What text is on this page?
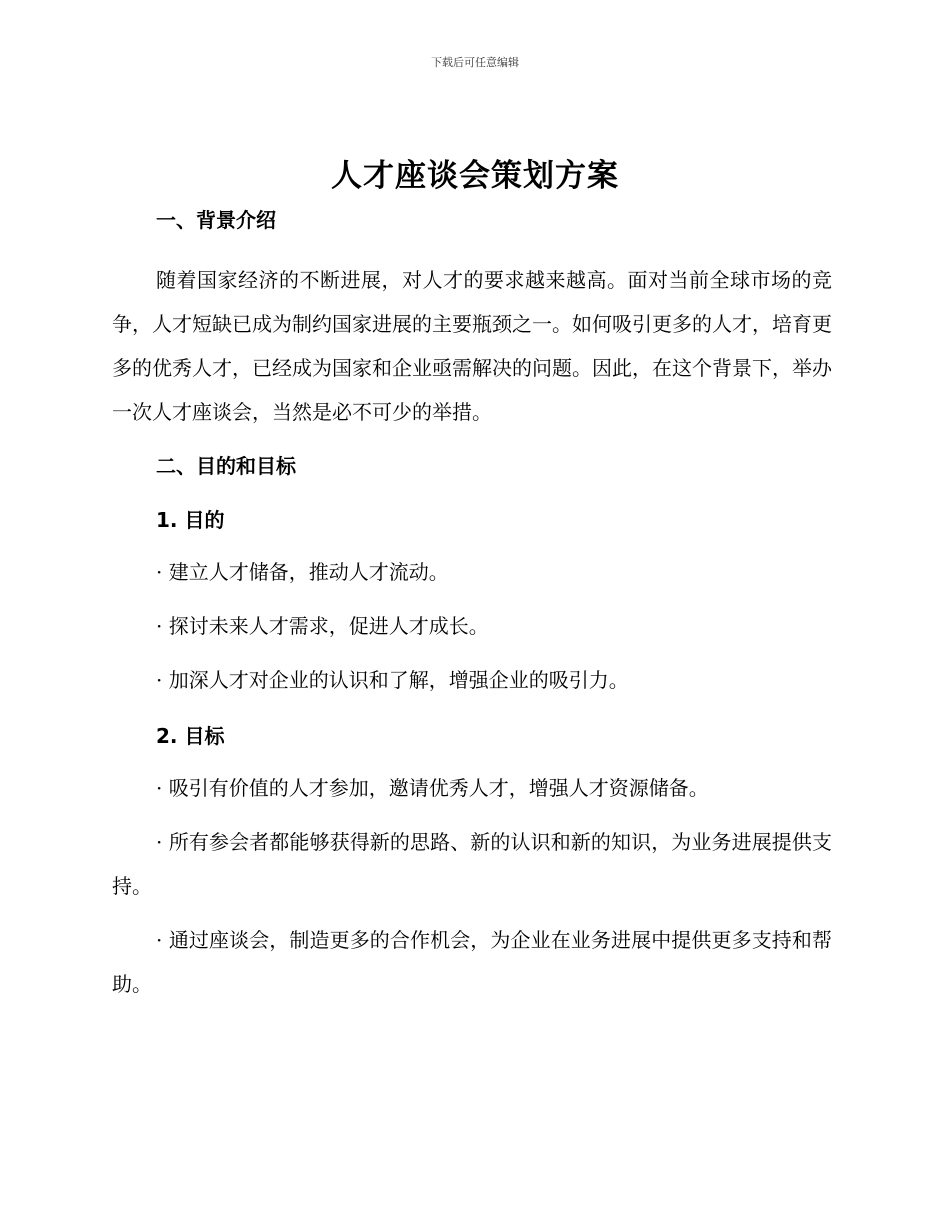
下载后可任意编辑
人才座谈会策划方案
一、背景介绍

随着国家经济的不断进展，对人才的要求越来越高。面对当前全球市场的竞争，人才短缺已成为制约国家进展的主要瓶颈之一。如何吸引更多的人才，培育更多的优秀人才，已经成为国家和企业亟需解决的问题。因此，在这个背景下，举办一次人才座谈会，当然是必不可少的举措。

二、目的和目标
1. 目的

· 建立人才储备，推动人才流动。

· 探讨未来人才需求，促进人才成长。

· 加深人才对企业的认识和了解，增强企业的吸引力。

2. 目标

· 吸引有价值的人才参加，邀请优秀人才，增强人才资源储备。

· 所有参会者都能够获得新的思路、新的认识和新的知识，为业务进展提供支持。

· 通过座谈会，制造更多的合作机会，为企业在业务进展中提供更多支持和帮助。
